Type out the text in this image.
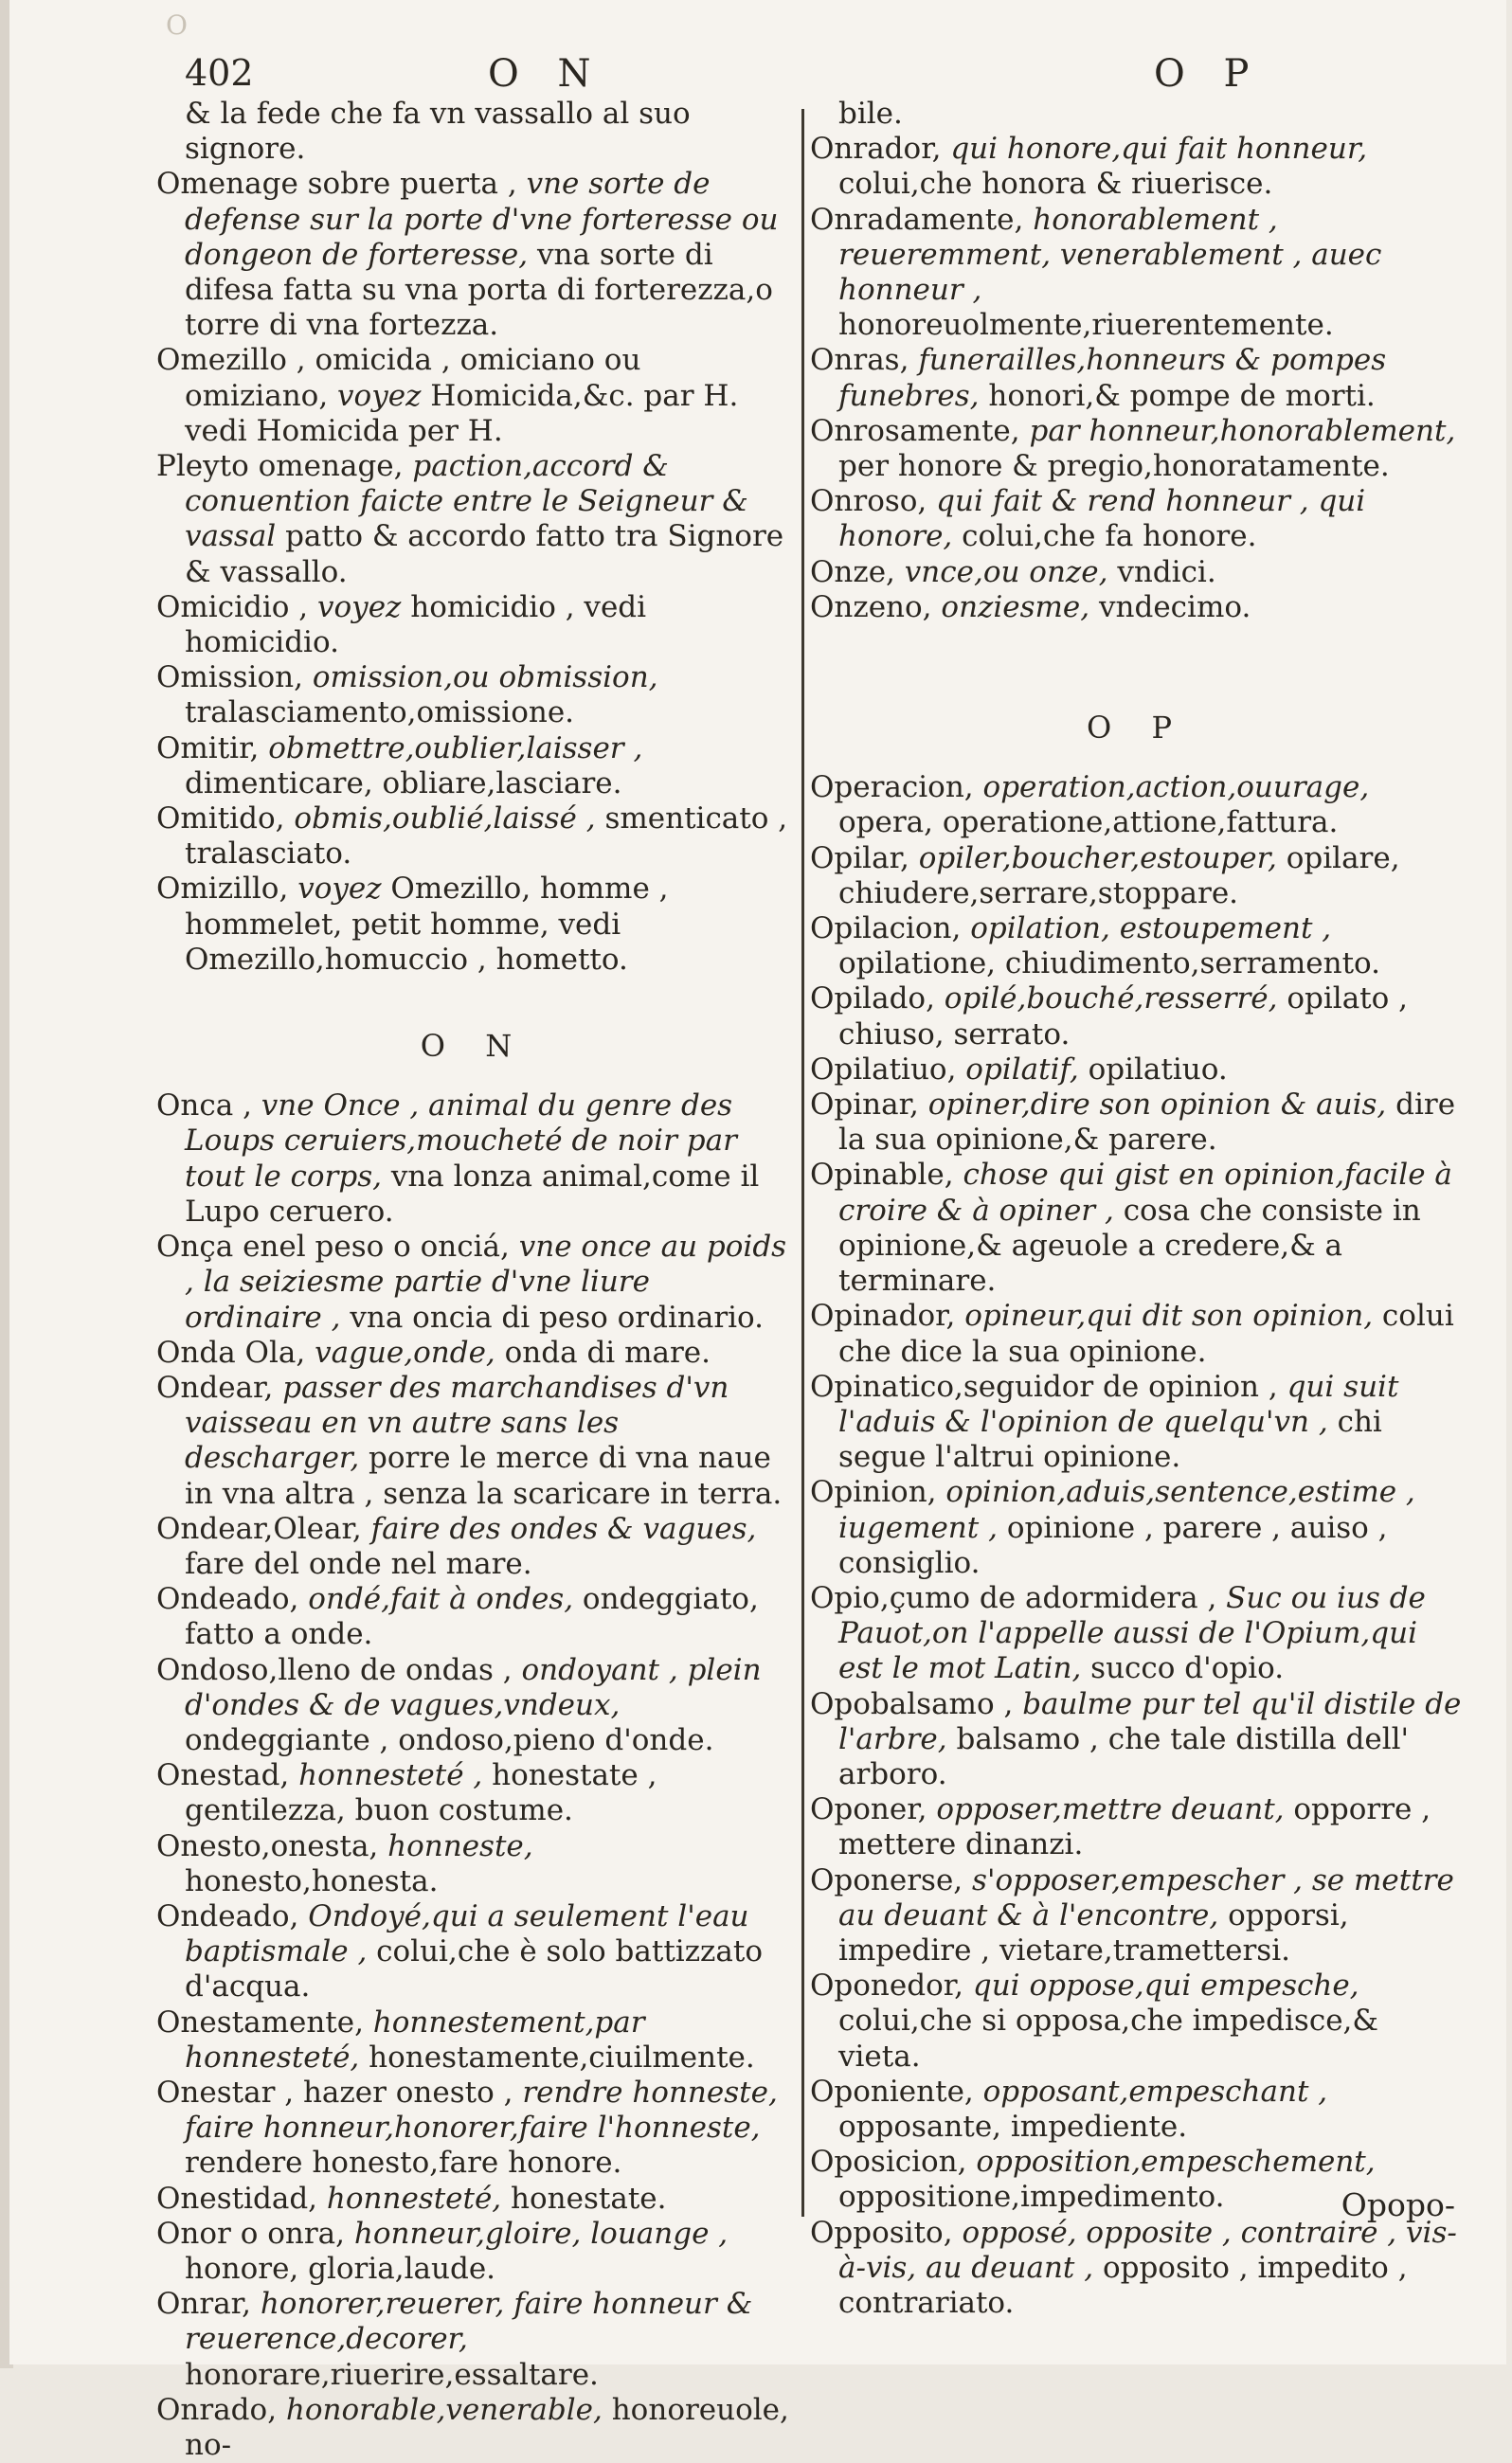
O
402	O N	O P

& la fede che fa vn vassallo al suo signore.

Omenage sobre puerta , vne sorte de defense sur la porte d'vne forteresse ou dongeon de forteresse, vna sorte di difesa fatta su vna porta di forterezza,o torre di vna fortezza.

Omezillo , omicida , omiciano ou omiziano, voyez Homicida,&c. par H. vedi Homicida per H.

Pleyto omenage, paction,accord & conuention faicte entre le Seigneur & vassal patto & accordo fatto tra Signore & vassallo.

Omicidio , voyez homicidio , vedi homicidio.

Omission, omission,ou obmission, tralasciamento,omissione.

Omitir, obmettre,oublier,laisser , dimenticare, obliare,lasciare.

Omitido, obmis,oublié,laissé , smenticato , tralasciato.

Omizillo, voyez Omezillo, homme , hommelet, petit homme, vedi Omezillo,homuccio , hometto.

O N

Onca , vne Once , animal du genre des Loups ceruiers,moucheté de noir par tout le corps, vna lonza animal,come il Lupo ceruero.

Onça enel peso o onciá, vne once au poids , la seiziesme partie d'vne liure ordinaire , vna oncia di peso ordinario.

Onda Ola, vague,onde, onda di mare.

Ondear, passer des marchandises d'vn vaisseau en vn autre sans les descharger, porre le merce di vna naue in vna altra , senza la scaricare in terra.

Ondear,Olear, faire des ondes & vagues, fare del onde nel mare.

Ondeado, ondé,fait à ondes, ondeggiato, fatto a onde.

Ondoso,lleno de ondas , ondoyant , plein d'ondes & de vagues,vndeux, ondeggiante , ondoso,pieno d'onde.

Onestad, honnesteté , honestate , gentilezza, buon costume.

Onesto,onesta, honneste, honesto,honesta.

Ondeado, Ondoyé,qui a seulement l'eau baptismale , colui,che è solo battizzato d'acqua.

Onestamente, honnestement,par honnesteté, honestamente,ciuilmente.

Onestar , hazer onesto , rendre honneste, faire honneur,honorer,faire l'honneste, rendere honesto,fare honore.

Onestidad, honnesteté, honestate.

Onor o onra, honneur,gloire, louange , honore, gloria,laude.

Onrar, honorer,reuerer, faire honneur & reuerence,decorer, honorare,riuerire,essaltare.

Onrado, honorable,venerable, honoreuole, no-

bile.

Onrador, qui honore,qui fait honneur, colui,che honora & riuerisce.

Onradamente, honorablement , reueremment, venerablement , auec honneur , honoreuolmente,riuerentemente.

Onras, funerailles,honneurs & pompes funebres, honori,& pompe de morti.

Onrosamente, par honneur,honorablement, per honore & pregio,honoratamente.

Onroso, qui fait & rend honneur , qui honore, colui,che fa honore.

Onze, vnce,ou onze, vndici.

Onzeno, onziesme, vndecimo.

O P

Operacion, operation,action,ouurage, opera, operatione,attione,fattura.

Opilar, opiler,boucher,estouper, opilare, chiudere,serrare,stoppare.

Opilacion, opilation, estoupement , opilatione, chiudimento,serramento.

Opilado, opilé,bouché,resserré, opilato , chiuso, serrato.

Opilatiuo, opilatif, opilatiuo.

Opinar, opiner,dire son opinion & auis, dire la sua opinione,& parere.

Opinable, chose qui gist en opinion,facile à croire & à opiner , cosa che consiste in opinione,& ageuole a credere,& a terminare.

Opinador, opineur,qui dit son opinion, colui che dice la sua opinione.

Opinatico,seguidor de opinion , qui suit l'aduis & l'opinion de quelqu'vn , chi segue l'altrui opinione.

Opinion, opinion,aduis,sentence,estime , iugement , opinione , parere , auiso , consiglio.

Opio,çumo de adormidera , Suc ou ius de Pauot,on l'appelle aussi de l'Opium,qui est le mot Latin, succo d'opio.

Opobalsamo , baulme pur tel qu'il distile de l'arbre, balsamo , che tale distilla dell' arboro.

Oponer, opposer,mettre deuant, opporre , mettere dinanzi.

Oponerse, s'opposer,empescher , se mettre au deuant & à l'encontre, opporsi, impedire , vietare,tramettersi.

Oponedor, qui oppose,qui empesche, colui,che si opposa,che impedisce,& vieta.

Oponiente, opposant,empeschant , opposante, impediente.

Oposicion, opposition,empeschement, oppositione,impedimento.

Opposito, opposé, opposite , contraire , vis-à-vis, au deuant , opposito , impedito , contrariato.

Opopo-
